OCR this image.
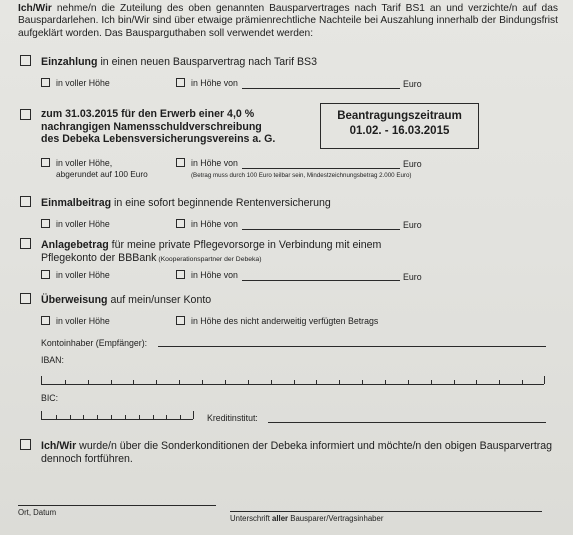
Ich/Wir nehme/n die Zuteilung des oben genannten Bausparvertrages nach Tarif BS1 an und verzichte/n auf das Bauspardarlehen. Ich bin/Wir sind über etwaige prämienrechtliche Nachteile bei Auszahlung innerhalb der Bindungsfrist aufgeklärt worden. Das Bausparguthaben soll verwendet werden:
Einzahlung in einen neuen Bausparvertrag nach Tarif BS3
in voller Höhe	in Höhe von	Euro
zum 31.03.2015 für den Erwerb einer 4,0 %
nachrangigen Namensschuldverschreibung
des Debeka Lebensversicherungsvereins a. G.
Beantragungszeitraum
01.02. - 16.03.2015
in voller Höhe,
abgerundet auf 100 Euro
in Höhe von	Euro
(Betrag muss durch 100 Euro teilbar sein, Mindestzeichnungsbetrag 2.000 Euro)
Einmalbeitrag in eine sofort beginnende Rentenversicherung
in voller Höhe	in Höhe von	Euro
Anlagebetrag für meine private Pflegevorsorge in Verbindung mit einem
Pflegekonto der BBBank (Kooperationspartner der Debeka)
in voller Höhe	in Höhe von	Euro
Überweisung auf mein/unser Konto
in voller Höhe	in Höhe des nicht anderweitig verfügten Betrags
Kontoinhaber (Empfänger):
IBAN:
BIC:
Kreditinstitut:
Ich/Wir wurde/n über die Sonderkonditionen der Debeka informiert und möchte/n den obigen Bausparvertrag dennoch fortführen.
Ort, Datum
Unterschrift aller Bausparer/Vertragsinhaber
